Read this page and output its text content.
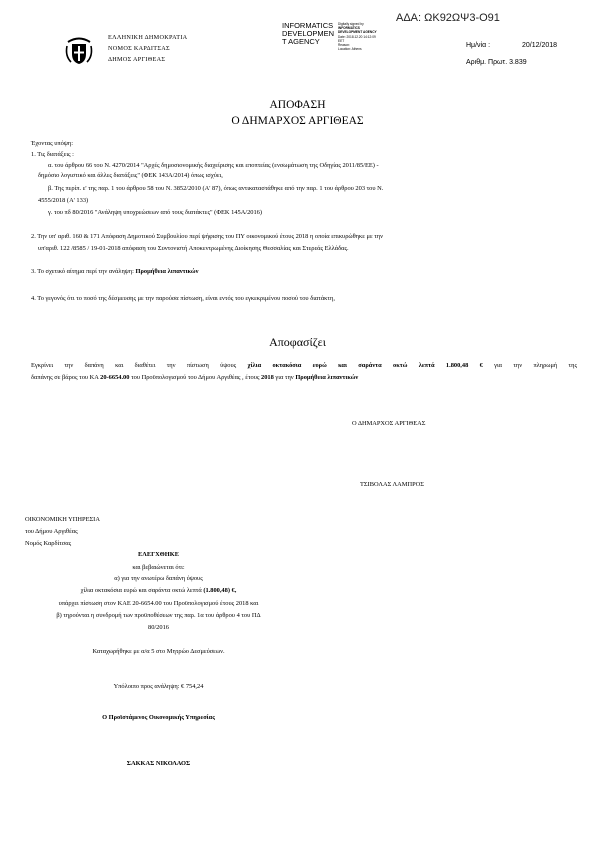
ΑΔΑ: ΩΚ92ΩΨ3-Ο91
ΕΛΛΗΝΙΚΗ ΔΗΜΟΚΡΑΤΙΑ
ΝΟΜΟΣ ΚΑΡΔΙΤΣΑΣ
ΔΗΜΟΣ ΑΡΓΙΘΕΑΣ
INFORMATICS
DEVELOPMEN
T AGENCY
Digitally signed by
INFORMATICS
DEVELOPMENT AGENCY
Date: 2018.12.20 14:12:09
EET
Reason:
Location: Athens
Ημ/νία :	20/12/2018
Αριθμ. Πρωτ. 3.839
ΑΠΟΦΑΣΗ
Ο ΔΗΜΑΡΧΟΣ ΑΡΓΙΘΕΑΣ
Έχοντας υπόψη:
1. Τις διατάξεις :
α. του άρθρου 66 του Ν. 4270/2014 "Αρχές δημοσιονομικής διαχείρισης και εποπτείας (ενσωμάτωση της Οδηγίας 2011/85/ΕΕ) -
δημόσιο λογιστικό και άλλες διατάξεις" (ΦΕΚ 143Α/2014) όπως ισχύει,
β. Της περίπ. ε' της παρ. 1 του άρθρου 58 του Ν. 3852/2010 (Α' 87), όπως αντικαταστάθηκε από την παρ. 1 του άρθρου 203 του Ν.
4555/2018 (Α' 133)
γ. του πδ 80/2016 "Ανάληψη υποχρεώσεων από τους διατάκτες" (ΦΕΚ 145Α/2016)
2. Την υπ' αριθ. 160 & 171 Απόφαση Δημοτικού Συμβουλίου περί ψήφισης του ΠΥ οικονομικού έτους 2018 η οποία επικυρώθηκε με την
υπ'αριθ. 122 /8585 / 19-01-2018 απόφαση του Συντονιστή Αποκεντρωμένης Διοίκησης Θεσσαλίας και Στερεάς Ελλάδας.
3. Το σχετικό αίτημα περί την ανάληψη: Προμήθεια λιπαντικών
4. Το γεγονός ότι το ποσό της δέσμευσης με την παρούσα πίστωση, είναι εντός του εγκεκριμένου ποσού του διατάκτη,
Αποφασίζει
Εγκρίνει την δαπάνη και διαθέτει την πίστωση ύψους χίλια οκτακόσια ευρώ και σαράντα οκτώ λεπτά 1.800,48 € για την πληρωμή της
δαπάνης σε βάρος του ΚΑ 20-6654.00 του Προϋπολογισμού του Δήμου Αργιθέας , έτους 2018 για την Προμήθεια λιπαντικών
Ο ΔΗΜΑΡΧΟΣ ΑΡΓΙΘΕΑΣ
ΤΣΙΒΟΛΑΣ ΛΑΜΠΡΟΣ
ΟΙΚΟΝΟΜΙΚΗ ΥΠΗΡΕΣΙΑ
του Δήμου Αργιθέας
Νομός Καρδίτσας
ΕΛΕΓΧΘΗΚΕ
και βεβαιώνεται ότι:
α) για την ανωτέρω δαπάνη ύψους
χίλια οκτακόσια ευρώ και σαράντα οκτώ λεπτά (1.800,48) €,
υπάρχει πίστωση στον ΚΑΕ 20-6654.00 του Προϋπολογισμού έτους 2018 και
β) τηρούνται η συνδρομή των προϋποθέσεων της παρ. 1α του άρθρου 4 του ΠΔ
80/2016
Καταχωρήθηκε με α/α 5 στο Μητρώο Δεσμεύσεων.
Υπόλοιπο προς ανάληψη: € 754,24
Ο Προϊστάμενος Οικονομικής Υπηρεσίας
ΣΑΚΚΑΣ ΝΙΚΟΛΑΟΣ
